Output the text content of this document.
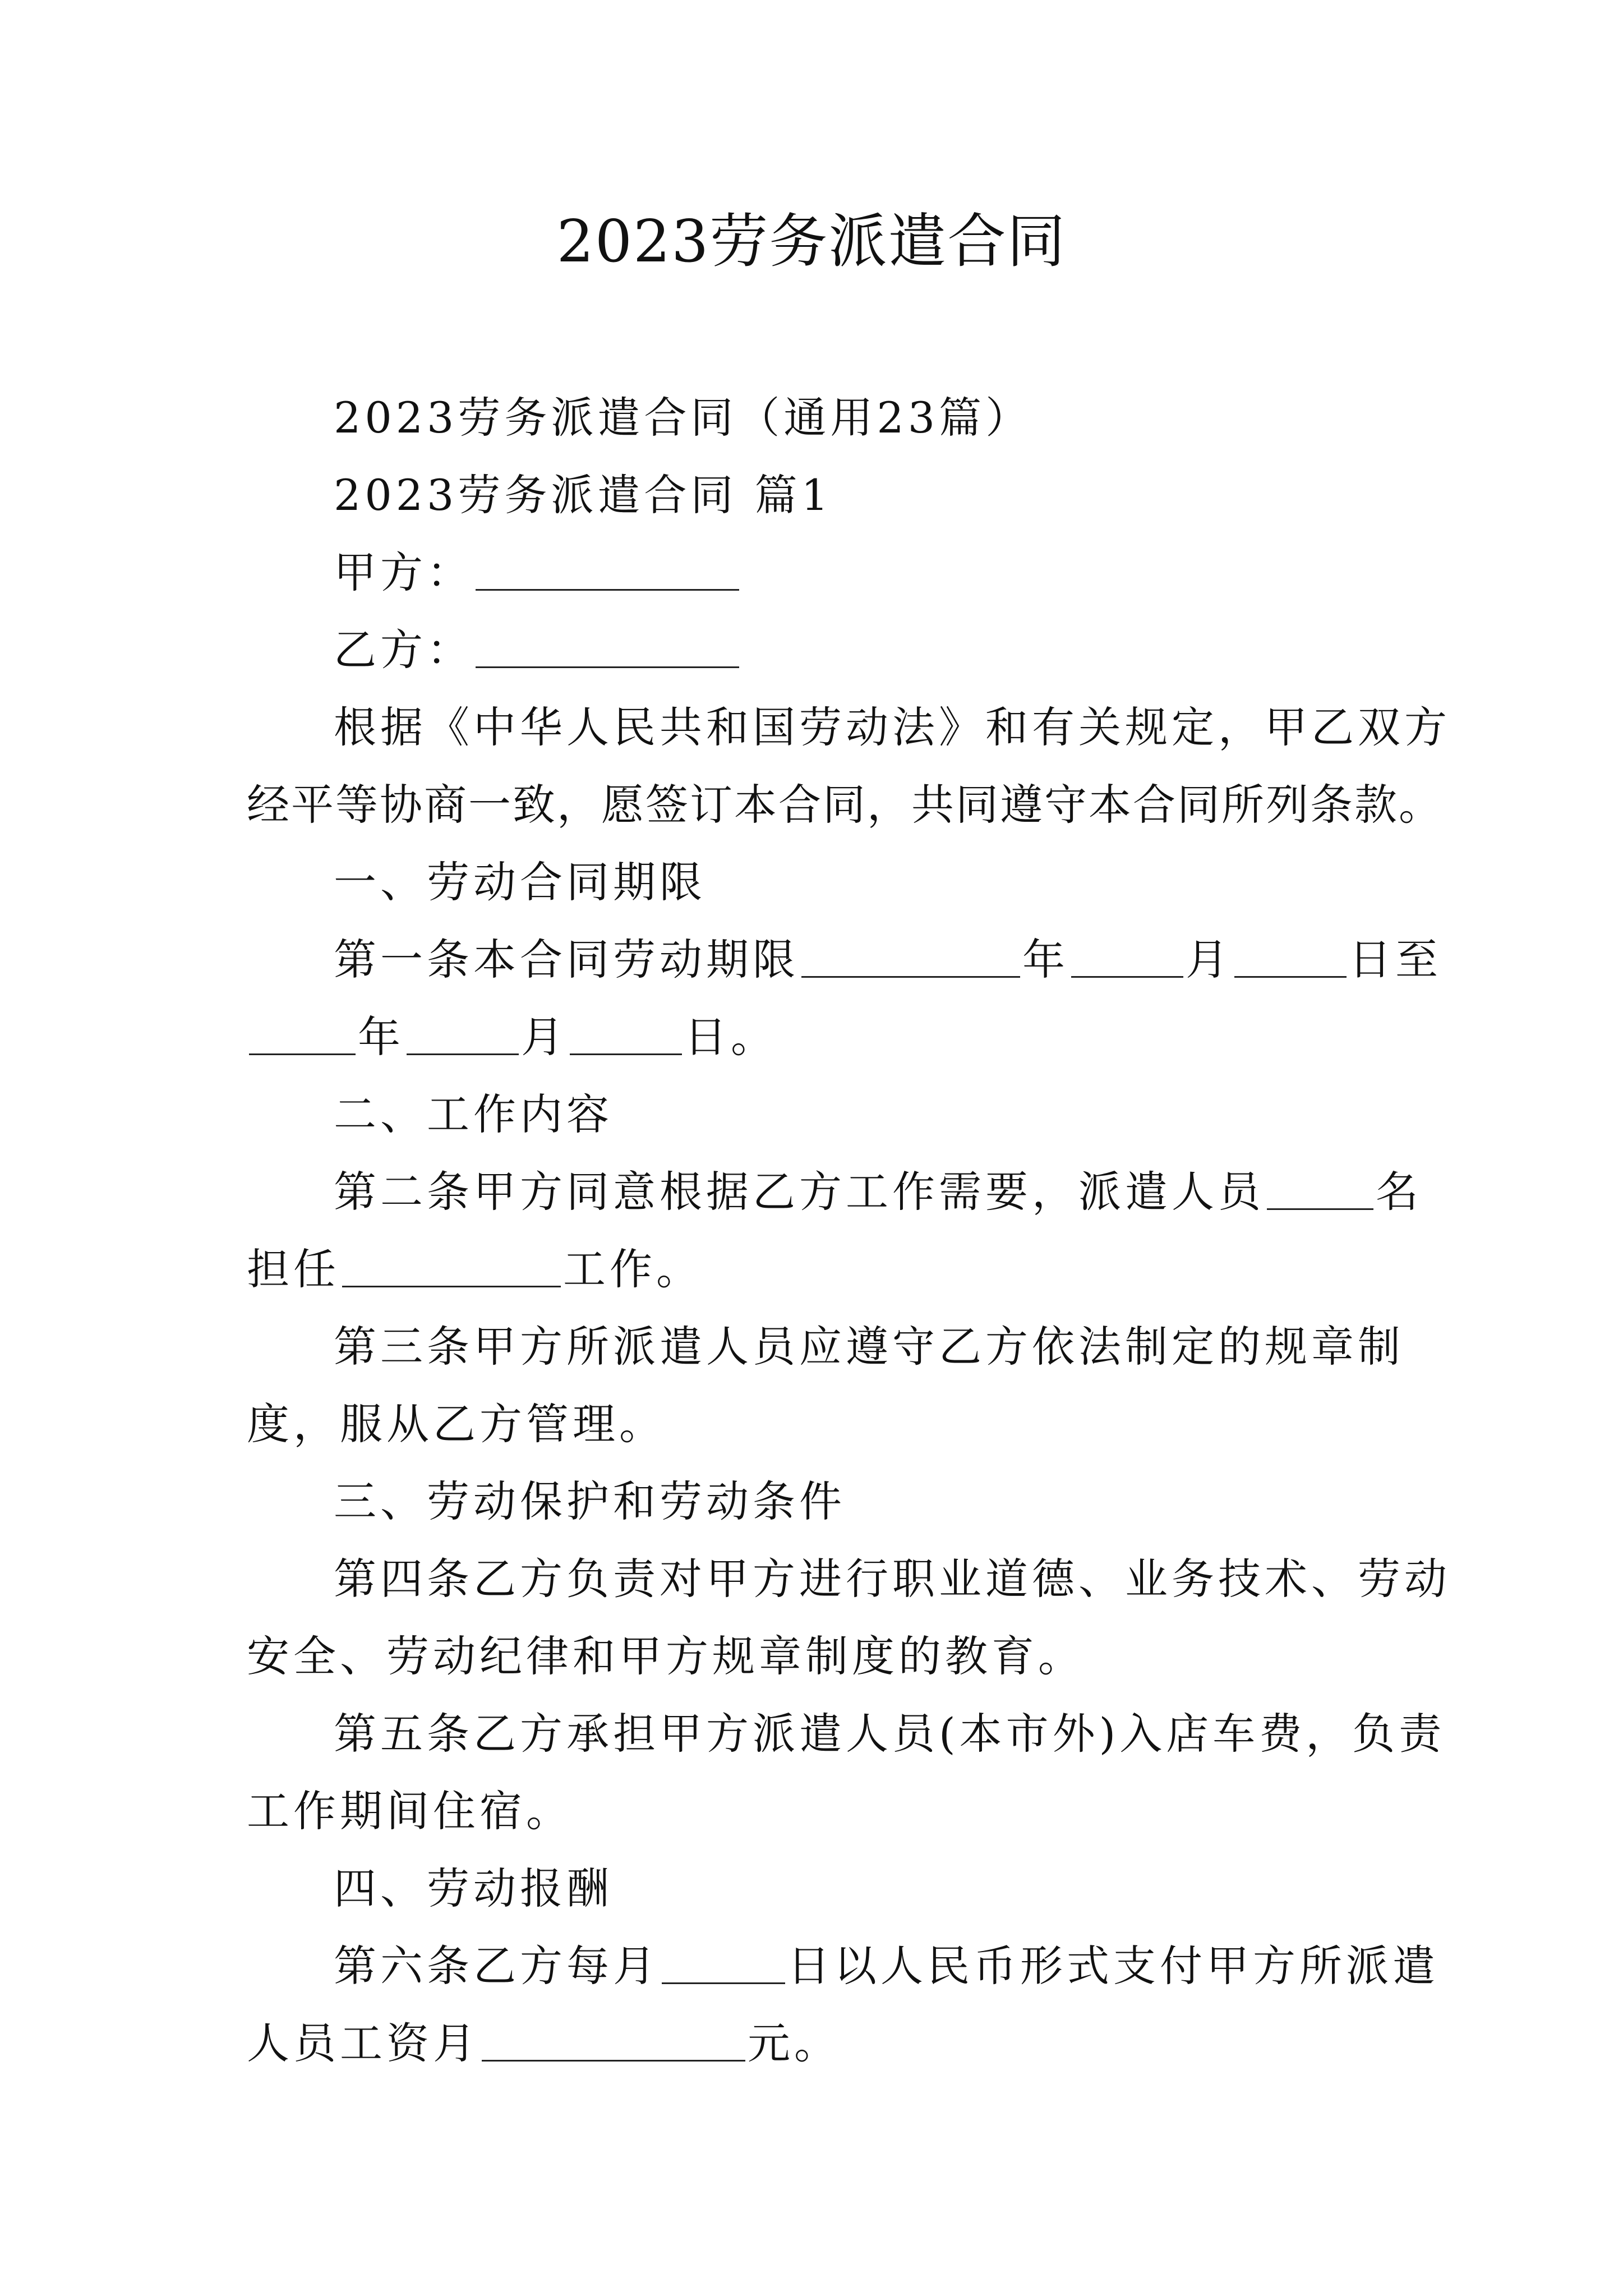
2023劳务派遣合同

2023劳务派遣合同（通用23篇）

2023劳务派遣合同 篇1

甲方：

乙方：

根据《中华人民共和国劳动法》和有关规定，甲乙双方

经平等协商一致，愿签订本合同，共同遵守本合同所列条款。

一、劳动合同期限

第一条本合同劳动期限	年	月	日至

年	月	日。

二、工作内容

第二条甲方同意根据乙方工作需要，派遣人员	名

担任	工作。

第三条甲方所派遣人员应遵守乙方依法制定的规章制

度，服从乙方管理。

三、劳动保护和劳动条件

第四条乙方负责对甲方进行职业道德、业务技术、劳动

安全、劳动纪律和甲方规章制度的教育。

第五条乙方承担甲方派遣人员(本市外)入店车费，负责

工作期间住宿。

四、劳动报酬

第六条乙方每月	日以人民币形式支付甲方所派遣

人员工资月	元。
